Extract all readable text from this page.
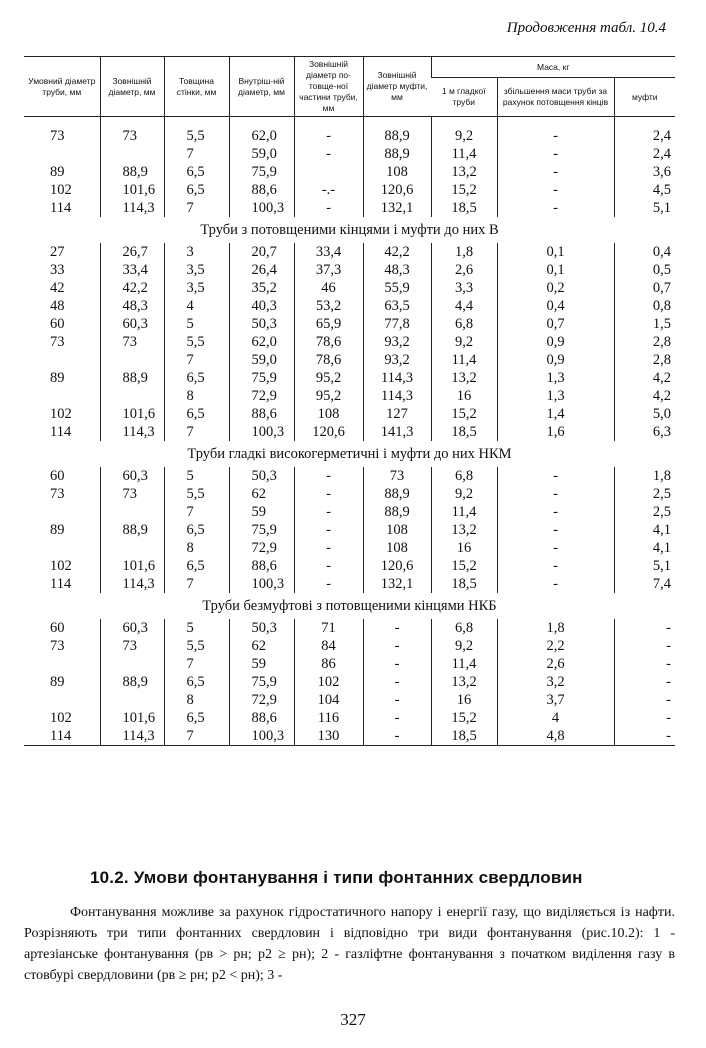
Продовження табл. 10.4
Умовний діаметр труби, мм	Зовнішній діаметр, мм	Товщина стінки, мм	Внутріш-ній діаметр, мм	Зовнішній діаметр по-товще-ної частини труби, мм	Зовнішній діаметр муфти, мм	Маса, кг		
						1 м гладкої труби	збільшення маси труби за рахунок потовщення кінців	муфти

73	73	5,5	62,0	-	88,9	9,2	-	2,4
		7	59,0	-	88,9	11,4	-	2,4
89	88,9	6,5	75,9		108	13,2	-	3,6
102	101,6	6,5	88,6	-.-	120,6	15,2	-	4,5
114	114,3	7	100,3	-	132,1	18,5	-	5,1
Труби з потовщеними кінцями і муфти до них В								
27	26,7	3	20,7	33,4	42,2	1,8	0,1	0,4
33	33,4	3,5	26,4	37,3	48,3	2,6	0,1	0,5
42	42,2	3,5	35,2	46	55,9	3,3	0,2	0,7
48	48,3	4	40,3	53,2	63,5	4,4	0,4	0,8
60	60,3	5	50,3	65,9	77,8	6,8	0,7	1,5
73	73	5,5	62,0	78,6	93,2	9,2	0,9	2,8
		7	59,0	78,6	93,2	11,4	0,9	2,8
89	88,9	6,5	75,9	95,2	114,3	13,2	1,3	4,2
		8	72,9	95,2	114,3	16	1,3	4,2
102	101,6	6,5	88,6	108	127	15,2	1,4	5,0
114	114,3	7	100,3	120,6	141,3	18,5	1,6	6,3
Труби гладкі високогерметичні і муфти до них НКМ								
60	60,3	5	50,3	-	73	6,8	-	1,8
73	73	5,5	62	-	88,9	9,2	-	2,5
		7	59	-	88,9	11,4	-	2,5
89	88,9	6,5	75,9	-	108	13,2	-	4,1
		8	72,9	-	108	16	-	4,1
102	101,6	6,5	88,6	-	120,6	15,2	-	5,1
114	114,3	7	100,3	-	132,1	18,5	-	7,4
Труби безмуфтові з потовщеними кінцями НКБ								
60	60,3	5	50,3	71	-	6,8	1,8	-
73	73	5,5	62	84	-	9,2	2,2	-
		7	59	86	-	11,4	2,6	-
89	88,9	6,5	75,9	102	-	13,2	3,2	-
		8	72,9	104	-	16	3,7	-
102	101,6	6,5	88,6	116	-	15,2	4	-
114	114,3	7	100,3	130	-	18,5	4,8	-
10.2. Умови фонтанування і типи фонтанних свердловин

Фонтанування можливе за рахунок гідростатичного напору і енергії газу, що виділяється із нафти. Розрізняють три типи фонтанних свердловин і відповідно три види фонтанування (рис.10.2): 1 - артезіанське фонтанування (pв > pн; p2 ≥ pн); 2 - газліфтне фонтанування з початком виділення газу в стовбурі свердловини (pв ≥ pн; p2 < pн); 3 -

327
